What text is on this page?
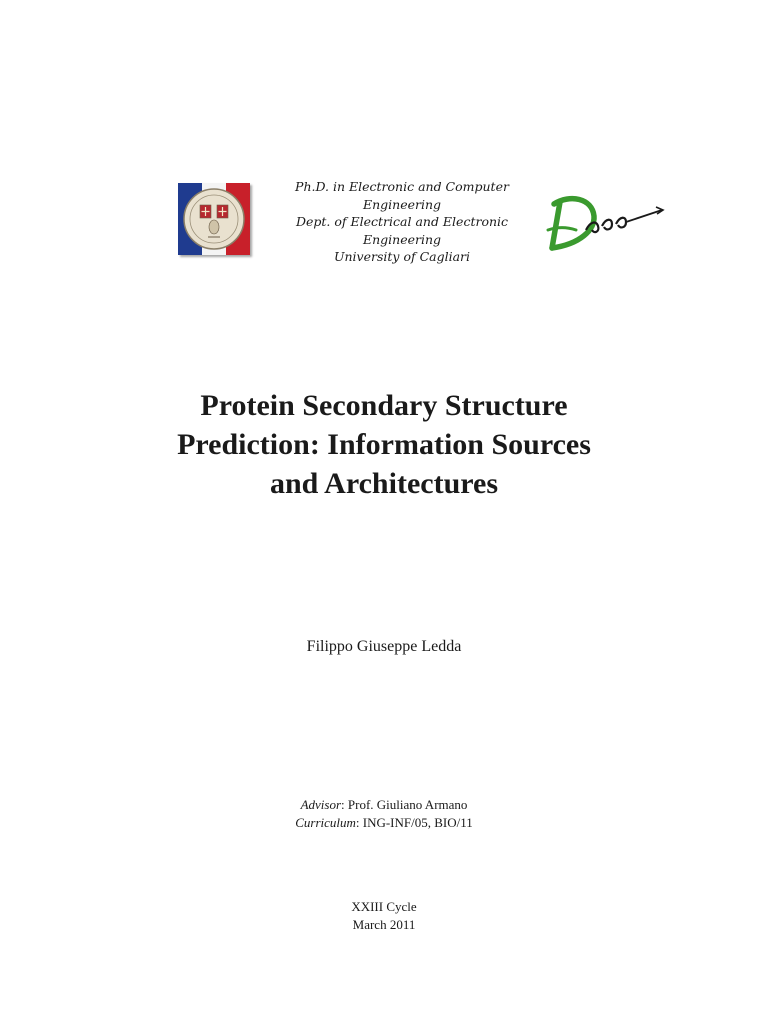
Ph.D. in Electronic and Computer
Engineering
Dept. of Electrical and Electronic
Engineering
University of Cagliari
Protein Secondary Structure
Prediction: Information Sources
and Architectures
Filippo Giuseppe Ledda
Advisor: Prof. Giuliano Armano
Curriculum: ING-INF/05, BIO/11
XXIII Cycle
March 2011
